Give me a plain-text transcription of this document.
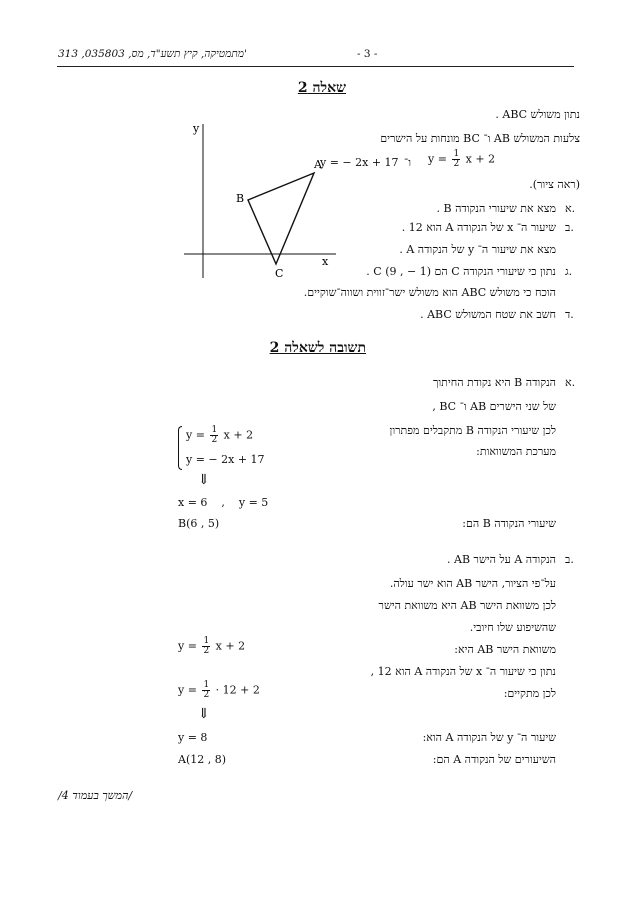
313 ,035803 ,מתמטיקה, קיץ תשע"ד, מס'	- 3 -
שאלה 2
נתון משולש ABC .
צלעות המשולש AB ו־ BC מונחות על הישרים
$y = \frac{1}{2}$ x + 2
ו־
y = − 2x + 17
(ראה ציור).
א.
מצא את שיעורי הנקודה B .
ב.
שיעור ה־ x של הנקודה A הוא 12 .
מצא את שיעור ה־ y של הנקודה A .
ג.
נתון כי שיעורי הנקודה C הם (1 − , 9) C .
הוכח כי משולש ABC הוא משולש ישר־זווית ושווה־שוקיים.
ד.
חשב את שטח המשולש ABC .
y
x
A
B
C
תשובה לשאלה 2
א.
הנקודה B היא נקודת החיתוך
של שני הישרים AB ו־ BC ,
לכן שיעורי הנקודה B מתקבלים מפתרון
מערכת המשוואות:
$y = \frac{1}{2}$ x + 2
y = − 2x + 17
⇓
x = 6    ,    y = 5
שיעורי הנקודה B הם:
B(6 , 5)
ב.
הנקודה A על הישר AB .
על־פי הציור, הישר AB הוא ישר עולה.
לכן משוואת הישר AB היא משוואת הישר
שהשיפוע שלו חיובי.
משוואת הישר AB היא:
$y = \frac{1}{2}$ x + 2
נתון כי שיעור ה־ x של הנקודה A הוא 12 ,
לכן מתקיים:
$y = \frac{1}{2} \cdot 12 + 2$
⇓
שיעור ה־ y של הנקודה A הוא:
y = 8
השיעורים של הנקודה A הם:
A(12 , 8)
/המשך בעמוד 4/
